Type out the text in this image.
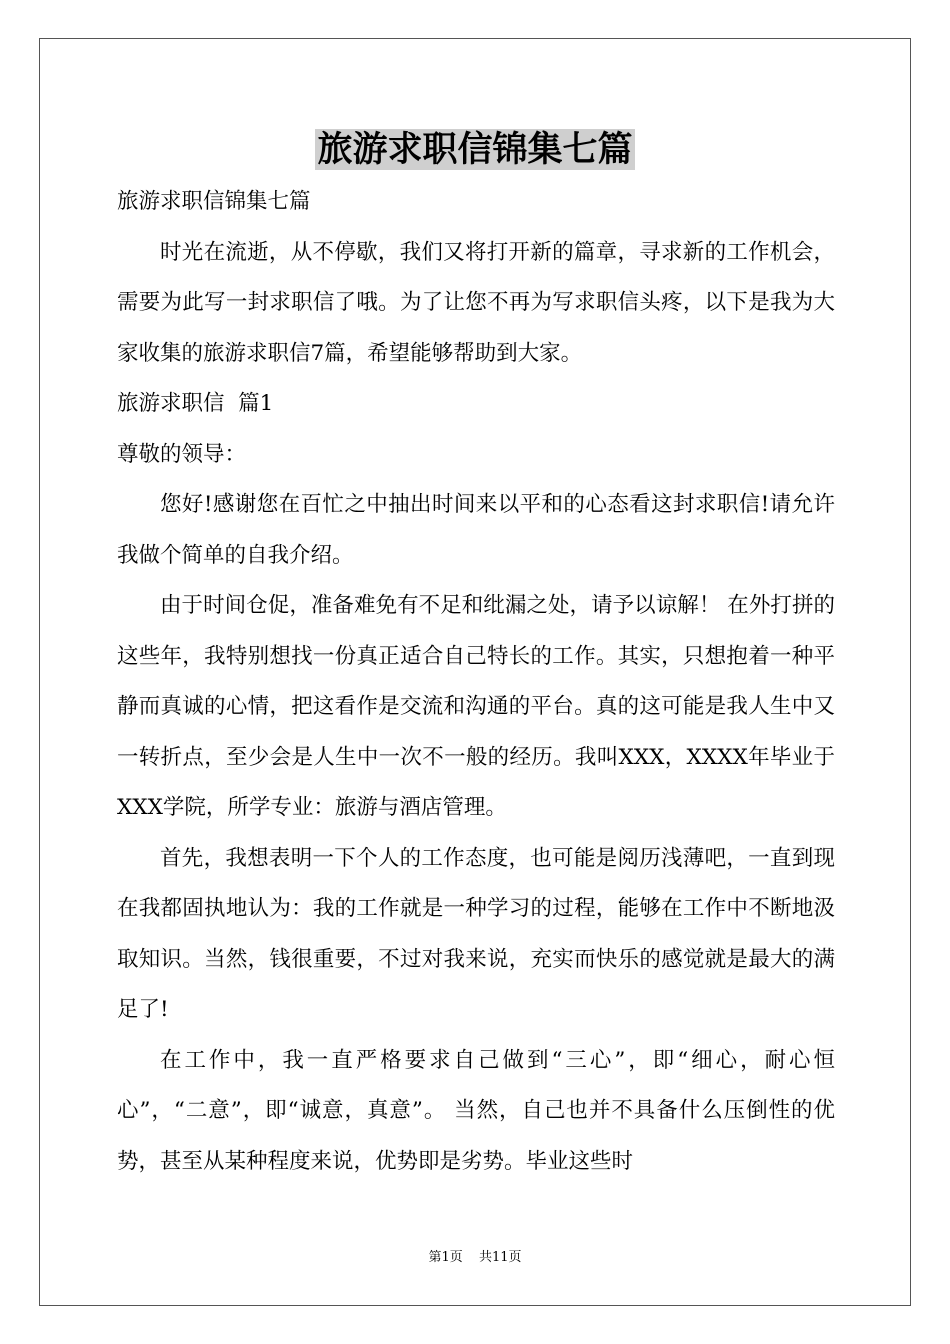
旅游求职信锦集七篇

旅游求职信锦集七篇

时光在流逝，从不停歇，我们又将打开新的篇章，寻求新的工作机会，需要为此写一封求职信了哦。为了让您不再为写求职信头疼，以下是我为大家收集的旅游求职信7篇，希望能够帮助到大家。

旅游求职信  篇1

尊敬的领导：

您好!感谢您在百忙之中抽出时间来以平和的心态看这封求职信!请允许我做个简单的自我介绍。

由于时间仓促，准备难免有不足和纰漏之处，请予以谅解！ 在外打拼的这些年，我特别想找一份真正适合自己特长的工作。其实，只想抱着一种平静而真诚的心情，把这看作是交流和沟通的平台。真的这可能是我人生中又一转折点，至少会是人生中一次不一般的经历。我叫XXX，XXXX年毕业于XXX学院，所学专业：旅游与酒店管理。

首先，我想表明一下个人的工作态度，也可能是阅历浅薄吧，一直到现在我都固执地认为：我的工作就是一种学习的过程，能够在工作中不断地汲取知识。当然，钱很重要，不过对我来说，充实而快乐的感觉就是最大的满足了!

在工作中，我一直严格要求自己做到“三心”，即“细心，耐心恒心”，“二意”，即“诚意，真意”。 当然，自己也并不具备什么压倒性的优势，甚至从某种程度来说，优势即是劣势。毕业这些时

第1页 共11页
